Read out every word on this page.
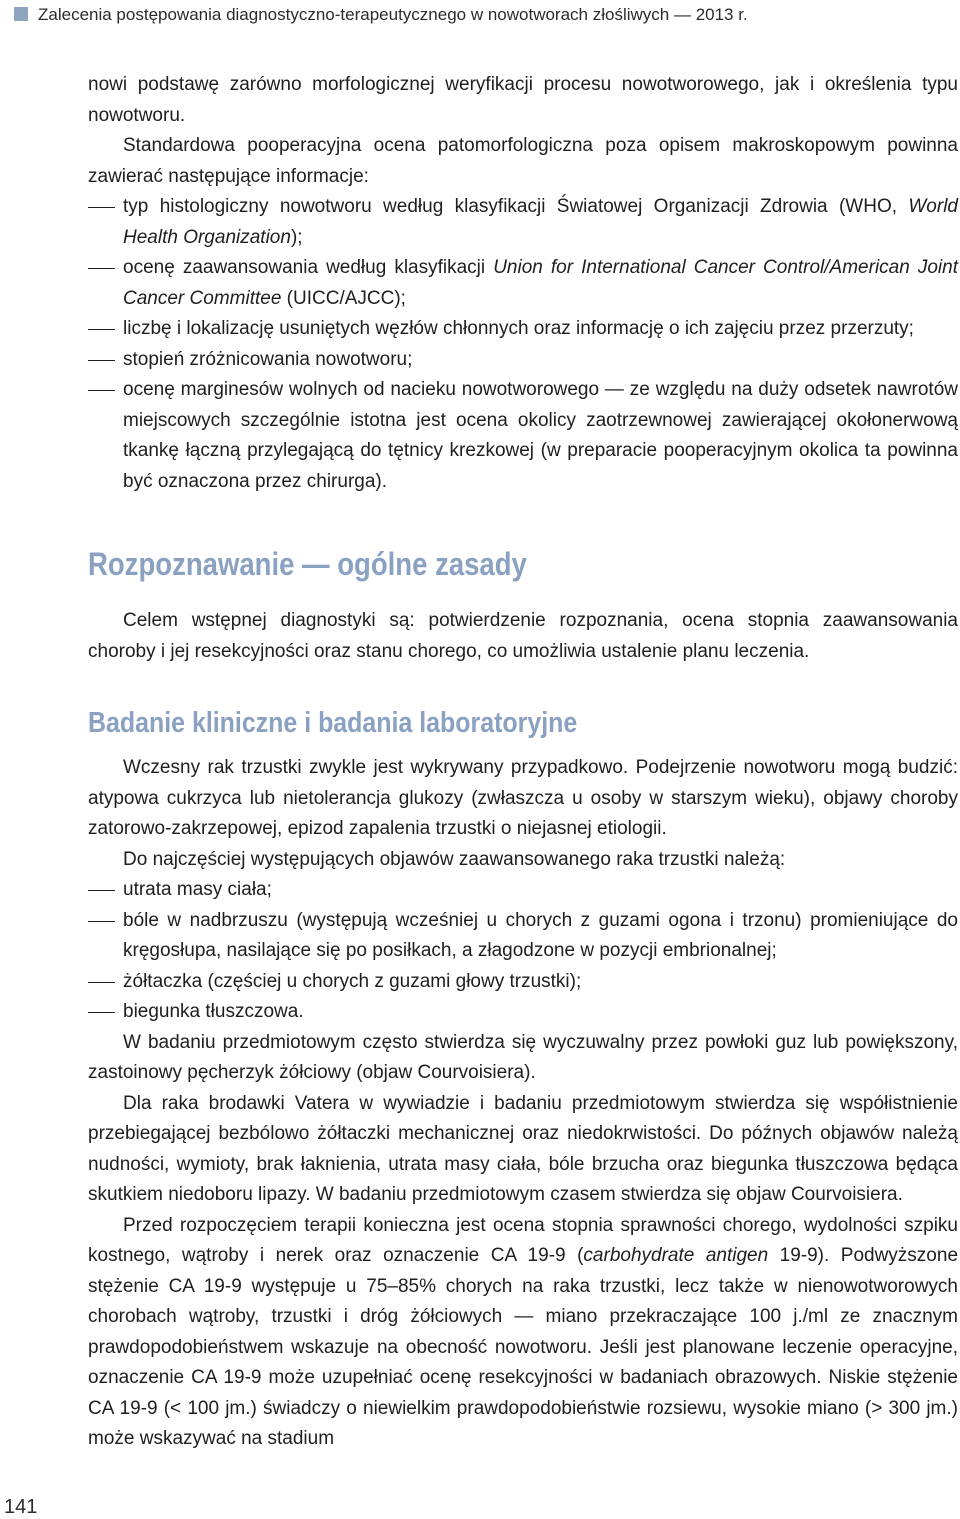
Zalecenia postępowania diagnostyczno-terapeutycznego w nowotworach złośliwych — 2013 r.

nowi podstawę zarówno morfologicznej weryfikacji procesu nowotworowego, jak i określenia typu nowotworu.

Standardowa pooperacyjna ocena patomorfologiczna poza opisem makroskopowym powinna zawierać następujące informacje:

typ histologiczny nowotworu według klasyfikacji Światowej Organizacji Zdrowia (WHO, World Health Organization);
ocenę zaawansowania według klasyfikacji Union for International Cancer Control/American Joint Cancer Committee (UICC/AJCC);
liczbę i lokalizację usuniętych węzłów chłonnych oraz informację o ich zajęciu przez przerzuty;
stopień zróżnicowania nowotworu;
ocenę marginesów wolnych od nacieku nowotworowego — ze względu na duży odsetek nawrotów miejscowych szczególnie istotna jest ocena okolicy zaotrzewnowej zawierającej okołonerwową tkankę łączną przylegającą do tętnicy krezkowej (w preparacie pooperacyjnym okolica ta powinna być oznaczona przez chirurga).
Rozpoznawanie — ogólne zasady

Celem wstępnej diagnostyki są: potwierdzenie rozpoznania, ocena stopnia zaawansowania choroby i jej resekcyjności oraz stanu chorego, co umożliwia ustalenie planu leczenia.

Badanie kliniczne i badania laboratoryjne

Wczesny rak trzustki zwykle jest wykrywany przypadkowo. Podejrzenie nowotworu mogą budzić: atypowa cukrzyca lub nietolerancja glukozy (zwłaszcza u osoby w starszym wieku), objawy choroby zatorowo-zakrzepowej, epizod zapalenia trzustki o niejasnej etiologii.

Do najczęściej występujących objawów zaawansowanego raka trzustki należą:

utrata masy ciała;
bóle w nadbrzuszu (występują wcześniej u chorych z guzami ogona i trzonu) promieniujące do kręgosłupa, nasilające się po posiłkach, a złagodzone w pozycji embrionalnej;
żółtaczka (częściej u chorych z guzami głowy trzustki);
biegunka tłuszczowa.

W badaniu przedmiotowym często stwierdza się wyczuwalny przez powłoki guz lub powiększony, zastoinowy pęcherzyk żółciowy (objaw Courvoisiera).

Dla raka brodawki Vatera w wywiadzie i badaniu przedmiotowym stwierdza się współistnienie przebiegającej bezbólowo żółtaczki mechanicznej oraz niedokrwistości. Do późnych objawów należą nudności, wymioty, brak łaknienia, utrata masy ciała, bóle brzucha oraz biegunka tłuszczowa będąca skutkiem niedoboru lipazy. W badaniu przedmiotowym czasem stwierdza się objaw Courvoisiera.

Przed rozpoczęciem terapii konieczna jest ocena stopnia sprawności chorego, wydolności szpiku kostnego, wątroby i nerek oraz oznaczenie CA 19-9 (carbohydrate antigen 19-9). Podwyższone stężenie CA 19-9 występuje u 75–85% chorych na raka trzustki, lecz także w nienowotworowych chorobach wątroby, trzustki i dróg żółciowych — miano przekraczające 100 j./ml ze znacznym prawdopodobieństwem wskazuje na obecność nowotworu. Jeśli jest planowane leczenie operacyjne, oznaczenie CA 19-9 może uzupełniać ocenę resekcyjności w badaniach obrazowych. Niskie stężenie CA 19-9 (< 100 jm.) świadczy o niewielkim prawdopodobieństwie rozsiewu, wysokie miano (> 300 jm.) może wskazywać na stadium

141
